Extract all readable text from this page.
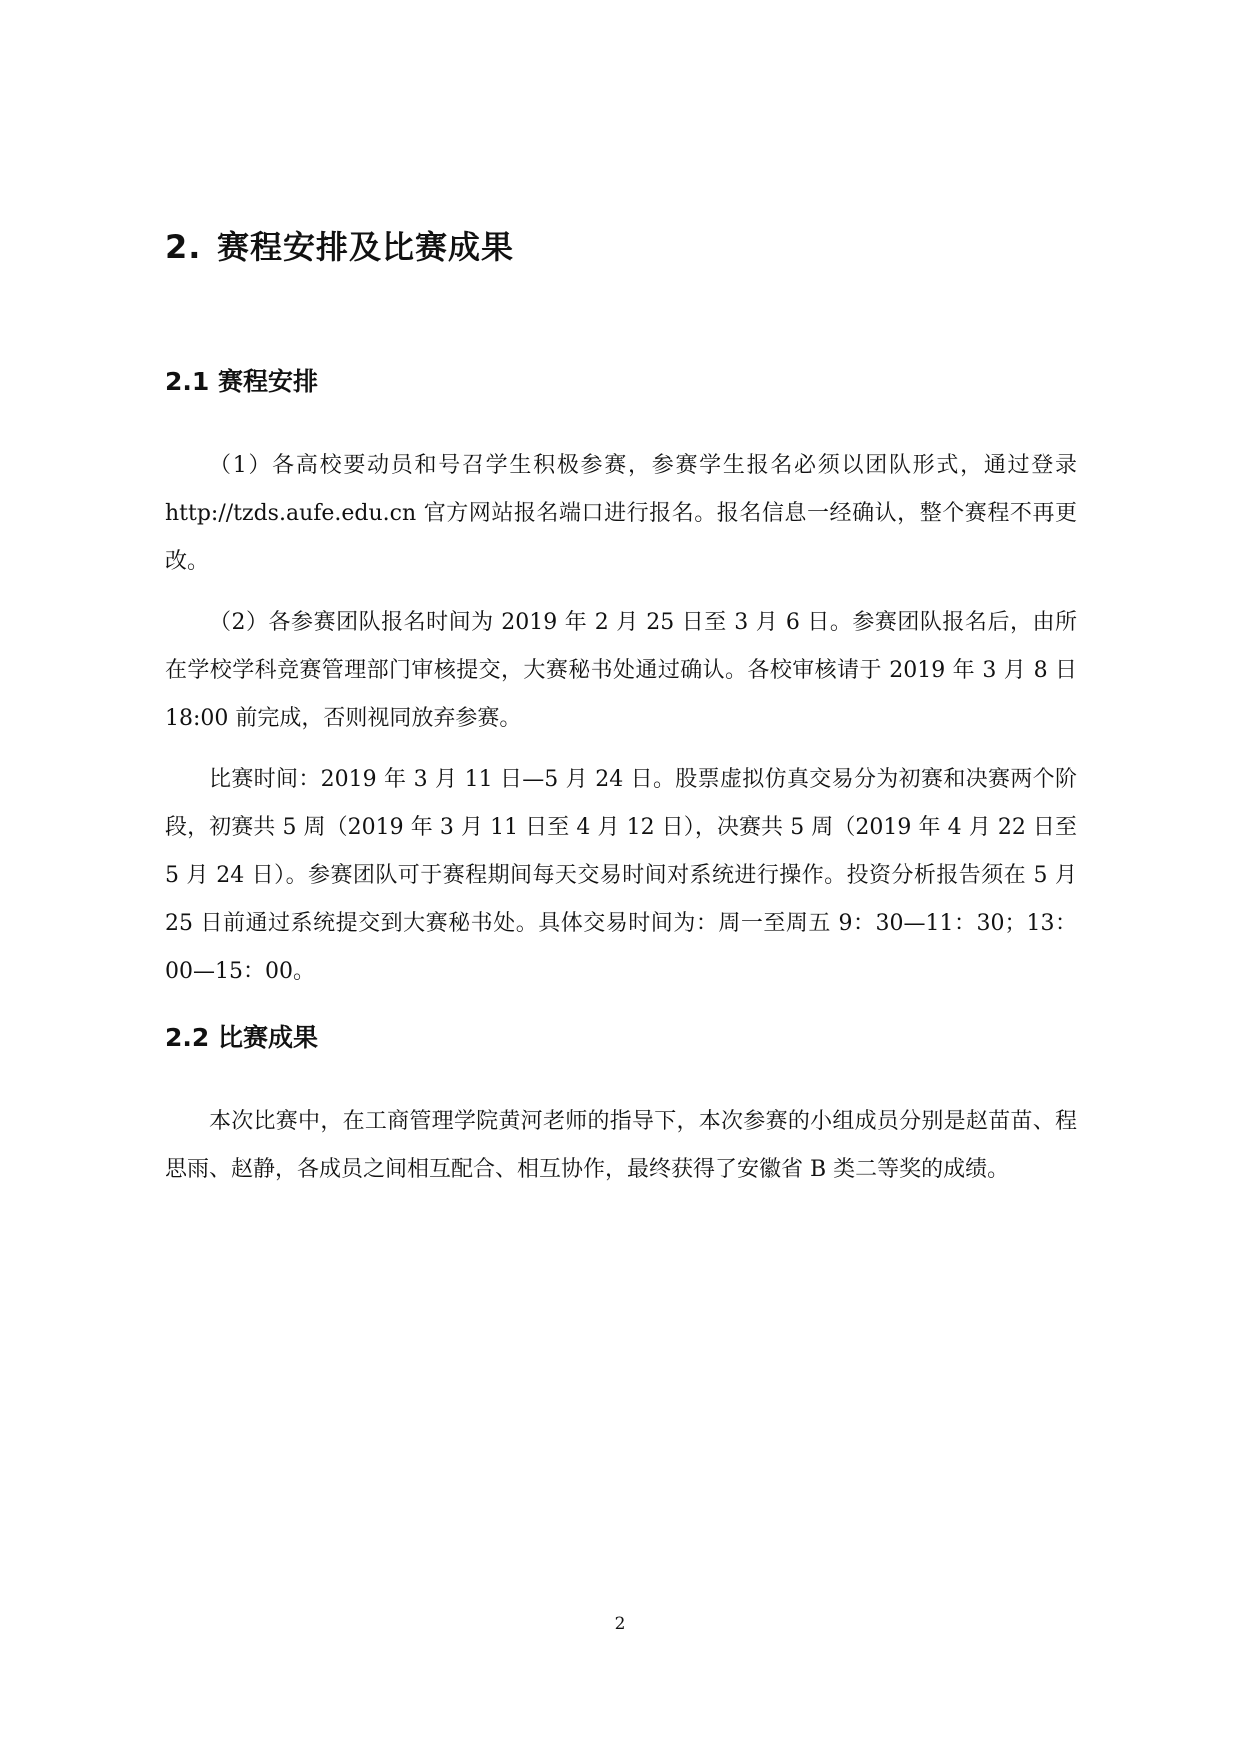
2. 赛程安排及比赛成果
2.1 赛程安排

（1）各高校要动员和号召学生积极参赛，参赛学生报名必须以团队形式，通过登录 http://tzds.aufe.edu.cn 官方网站报名端口进行报名。报名信息一经确认，整个赛程不再更改。

（2）各参赛团队报名时间为 2019 年 2 月 25 日至 3 月 6 日。参赛团队报名后，由所在学校学科竞赛管理部门审核提交，大赛秘书处通过确认。各校审核请于 2019 年 3 月 8 日 18:00 前完成，否则视同放弃参赛。

比赛时间：2019 年 3 月 11 日—5 月 24 日。股票虚拟仿真交易分为初赛和决赛两个阶段，初赛共 5 周（2019 年 3 月 11 日至 4 月 12 日），决赛共 5 周（2019 年 4 月 22 日至 5 月 24 日）。参赛团队可于赛程期间每天交易时间对系统进行操作。投资分析报告须在 5 月 25 日前通过系统提交到大赛秘书处。具体交易时间为：周一至周五 9：30—11：30；13：00—15：00。

2.2 比赛成果

本次比赛中，在工商管理学院黄河老师的指导下，本次参赛的小组成员分别是赵苗苗、程思雨、赵静，各成员之间相互配合、相互协作，最终获得了安徽省 B 类二等奖的成绩。

2
